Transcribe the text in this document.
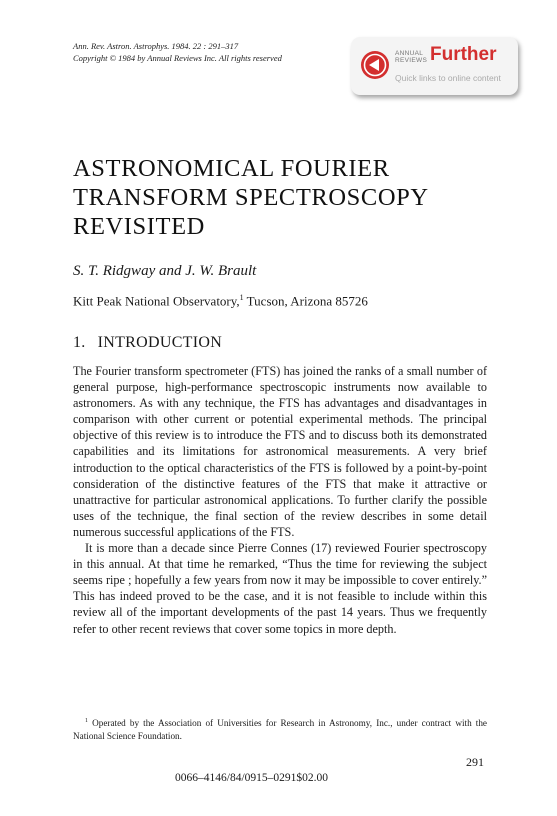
Ann. Rev. Astron. Astrophys. 1984. 22 : 291–317
Copyright © 1984 by Annual Reviews Inc. All rights reserved	ANNUAL
REVIEWS Further
Quick links to online content
ASTRONOMICAL FOURIER
TRANSFORM SPECTROSCOPY
REVISITED
S. T. Ridgway and J. W. Brault
Kitt Peak National Observatory,$^1$ Tucson, Arizona 85726
1. INTRODUCTION

The Fourier transform spectrometer (FTS) has joined the ranks of a small number of general purpose, high-performance spectroscopic instruments now available to astronomers. As with any technique, the FTS has advantages and disadvantages in comparison with other current or potential experimental methods. The principal objective of this review is to introduce the FTS and to discuss both its demonstrated capabilities and its limitations for astronomical measurements. A very brief introduction to the optical characteristics of the FTS is followed by a point-by-point consideration of the distinctive features of the FTS that make it attractive or unattractive for particular astronomical applications. To further clarify the possible uses of the technique, the final section of the review describes in some detail numerous successful applications of the FTS.

It is more than a decade since Pierre Connes (17) reviewed Fourier spectroscopy in this annual. At that time he remarked, “Thus the time for reviewing the subject seems ripe ; hopefully a few years from now it may be impossible to cover entirely.” This has indeed proved to be the case, and it is not feasible to include within this review all of the important developments of the past 14 years. Thus we frequently refer to other recent reviews that cover some topics in more depth.

$^1$ Operated by the Association of Universities for Research in Astronomy, Inc., under contract with the National Science Foundation.

291
0066–4146/84/0915–0291$02.00
